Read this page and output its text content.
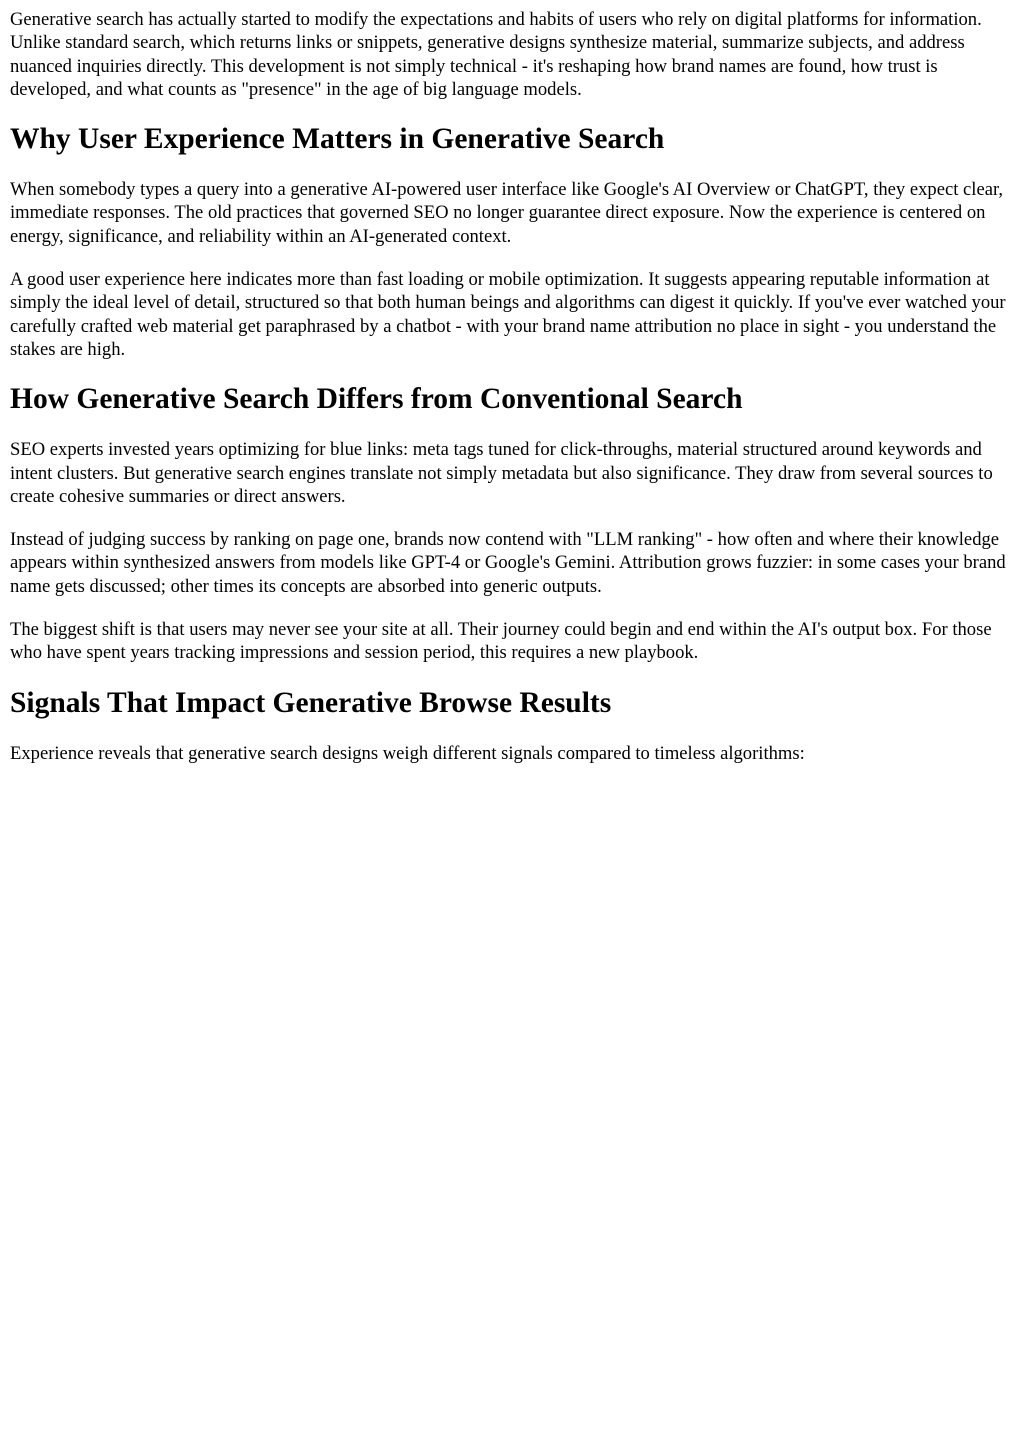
Generative search has actually started to modify the expectations and habits of users who rely on digital platforms for information. Unlike standard search, which returns links or snippets, generative designs synthesize material, summarize subjects, and address nuanced inquiries directly. This development is not simply technical - it's reshaping how brand names are found, how trust is developed, and what counts as "presence" in the age of big language models.

Why User Experience Matters in Generative Search

When somebody types a query into a generative AI-powered user interface like Google's AI Overview or ChatGPT, they expect clear, immediate responses. The old practices that governed SEO no longer guarantee direct exposure. Now the experience is centered on energy, significance, and reliability within an AI-generated context.

A good user experience here indicates more than fast loading or mobile optimization. It suggests appearing reputable information at simply the ideal level of detail, structured so that both human beings and algorithms can digest it quickly. If you've ever watched your carefully crafted web material get paraphrased by a chatbot - with your brand name attribution no place in sight - you understand the stakes are high.

How Generative Search Differs from Conventional Search

SEO experts invested years optimizing for blue links: meta tags tuned for click-throughs, material structured around keywords and intent clusters. But generative search engines translate not simply metadata but also significance. They draw from several sources to create cohesive summaries or direct answers.

Instead of judging success by ranking on page one, brands now contend with "LLM ranking" - how often and where their knowledge appears within synthesized answers from models like GPT-4 or Google's Gemini. Attribution grows fuzzier: in some cases your brand name gets discussed; other times its concepts are absorbed into generic outputs.

The biggest shift is that users may never see your site at all. Their journey could begin and end within the AI's output box. For those who have spent years tracking impressions and session period, this requires a new playbook.

Signals That Impact Generative Browse Results

Experience reveals that generative search designs weigh different signals compared to timeless algorithms:
